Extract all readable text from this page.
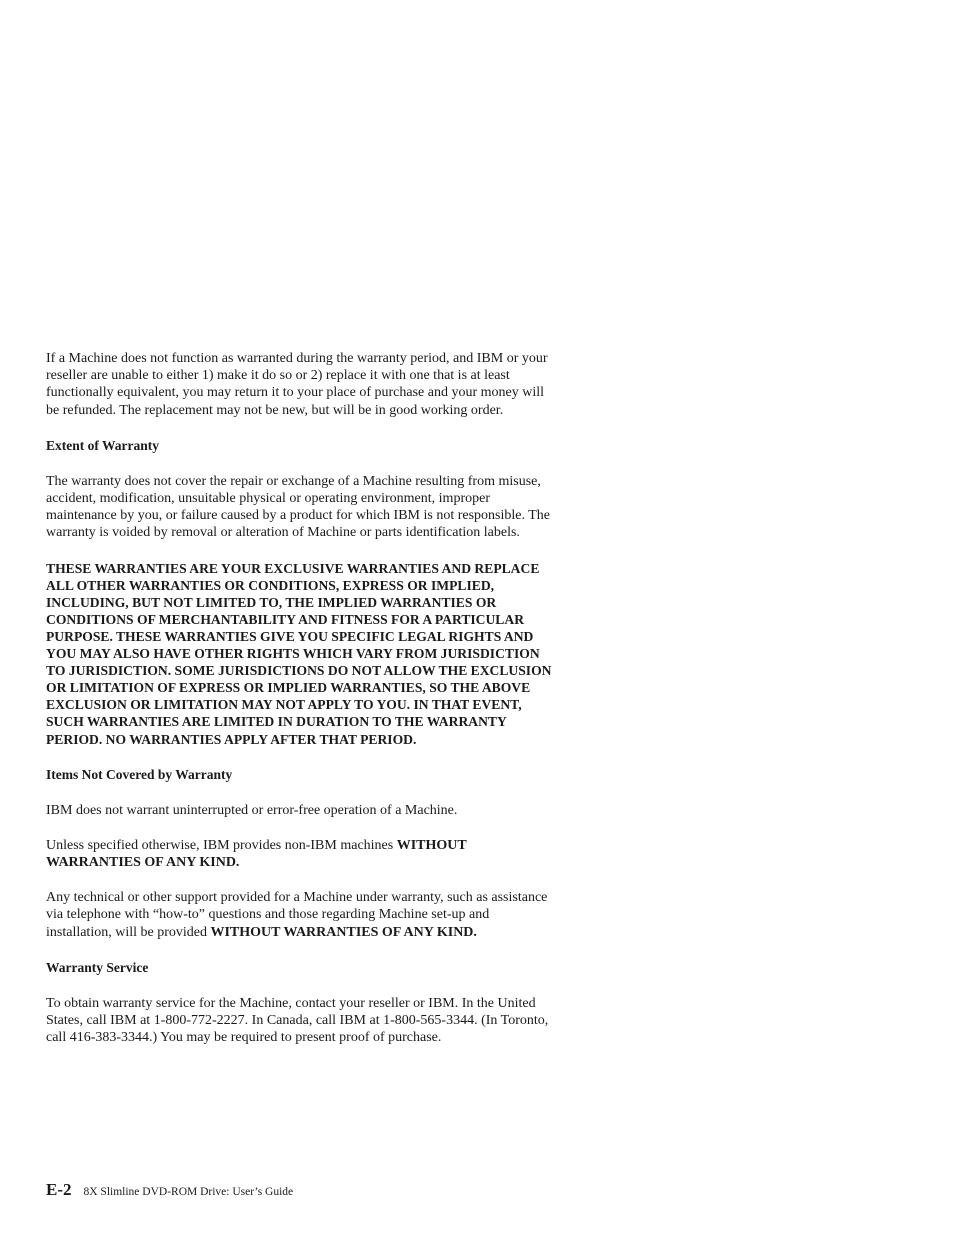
If a Machine does not function as warranted during the warranty period, and IBM or your reseller are unable to either 1) make it do so or 2) replace it with one that is at least functionally equivalent, you may return it to your place of purchase and your money will be refunded. The replacement may not be new, but will be in good working order.

Extent of Warranty

The warranty does not cover the repair or exchange of a Machine resulting from misuse, accident, modification, unsuitable physical or operating environment, improper maintenance by you, or failure caused by a product for which IBM is not responsible. The warranty is voided by removal or alteration of Machine or parts identification labels.

THESE WARRANTIES ARE YOUR EXCLUSIVE WARRANTIES AND REPLACE ALL OTHER WARRANTIES OR CONDITIONS, EXPRESS OR IMPLIED, INCLUDING, BUT NOT LIMITED TO, THE IMPLIED WARRANTIES OR CONDITIONS OF MERCHANTABILITY AND FITNESS FOR A PARTICULAR PURPOSE. THESE WARRANTIES GIVE YOU SPECIFIC LEGAL RIGHTS AND YOU MAY ALSO HAVE OTHER RIGHTS WHICH VARY FROM JURISDICTION TO JURISDICTION. SOME JURISDICTIONS DO NOT ALLOW THE EXCLUSION OR LIMITATION OF EXPRESS OR IMPLIED WARRANTIES, SO THE ABOVE EXCLUSION OR LIMITATION MAY NOT APPLY TO YOU. IN THAT EVENT, SUCH WARRANTIES ARE LIMITED IN DURATION TO THE WARRANTY PERIOD. NO WARRANTIES APPLY AFTER THAT PERIOD.

Items Not Covered by Warranty

IBM does not warrant uninterrupted or error-free operation of a Machine.

Unless specified otherwise, IBM provides non-IBM machines WITHOUT WARRANTIES OF ANY KIND.

Any technical or other support provided for a Machine under warranty, such as assistance via telephone with “how-to” questions and those regarding Machine set-up and installation, will be provided WITHOUT WARRANTIES OF ANY KIND.

Warranty Service

To obtain warranty service for the Machine, contact your reseller or IBM. In the United States, call IBM at 1-800-772-2227. In Canada, call IBM at 1-800-565-3344. (In Toronto, call 416-383-3344.) You may be required to present proof of purchase.

E-2 8X Slimline DVD-ROM Drive: User’s Guide
